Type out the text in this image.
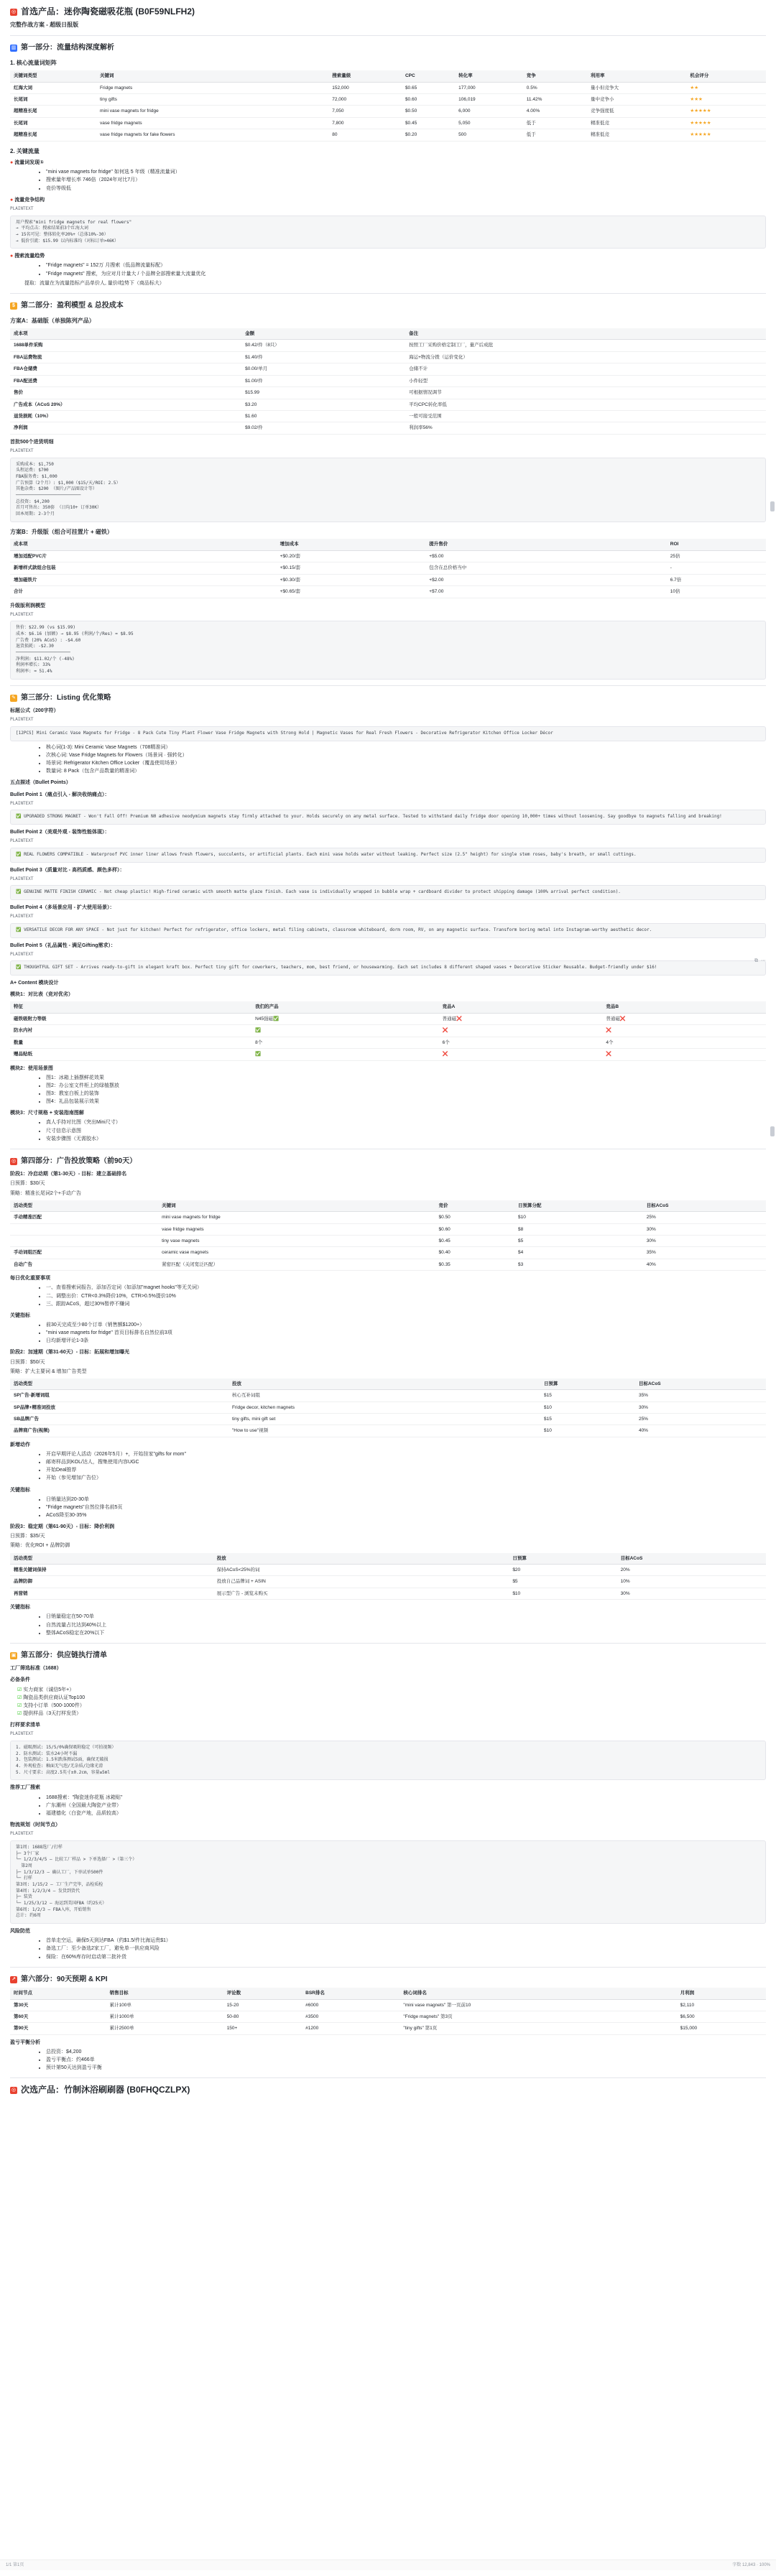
⧉ ⋯
◎ 首选产品：迷你陶瓷磁吸花瓶 (B0F59NLFH2)
完整作战方案 - 超级日报版
▥ 第一部分：流量结构深度解析
1. 核心流量词矩阵
关键词类型	关键词	搜索量级	CPC	转化率	竞争	利用率	机会评分
红海大词	Fridge magnets	152,000	$0.65	177,000	0.5%	量小但竞争大	★★
长尾词	tiny gifts	72,000	$0.60	106,019	11.42%	量中竞争小	★★★
超精准长尾	mini vase magnets for fridge	7,050	$0.50	6,000	4.00%	竞争强度低	★★★★★
长尾词	vase fridge magnets	7,800	$0.45	5,050	低于	精准低竞	★★★★★
超精准长尾	vase fridge magnets for fake flowers	80	$0.20	500	低于	精准低竞	★★★★★
2. 关键流量
● 流量词发现①
• "mini vase magnets for fridge" 如何选 5 年级（精准流量词）
• 搜索量年增长率 746倍（2024年对比7月）
• 竞价等级低
● 流量竞争结构
PLAINTEXT
用户搜索"mini fridge magnets for real flowers"
→ 平均点击：搜索结果前3个红海大词
→ 15名可见：整体转化率20%+（总体10%-30）
→ 低价引流：$15.99 以内标准均（对标订单>46K）
● 搜索流量趋势
• "Fridge magnets" = 152万 月搜索（低品牌流量标配）
• "Fridge magnets" 搜索，为应对月计量大 / 个品牌全部搜索量大流量优化
提取：流量在为流量指标产品单价人, 量价/趋势下（商品标大）
$ 第二部分：盈利模型 & 总投成本
方案A：基础版（单独陈列产品）
成本项	金额	备注
1688单件采购	$0.42/件（8只）	按照工厂采购价格定制工厂，量产后成批
FBA运费物流	$1.40/件	海运+物流分拨（运价变化）
FBA仓储费	$0.00/单月	仓储不计
FBA配送费	$1.00/件	小件轻型
售价	$15.99	可根据情况调节
广告成本（ACoS 20%）	$3.20	平均CPC转化率低
退货损耗（10%）	$1.60	一般可接受范围
净利润	$9.02/件	利润率56%
首批500个进货明细
PLAINTEXT
采购成本: $1,750
头程运费: $700
FBA服务费: $1,000
广告预算（2个月）: $1,000（$15/天/ROI: 2.5）
其他杂费: $200 （图片/产品图设计等）
─────────────────────────
总投资: $4,200
首月可售出: 350套 （日均10+ 订单30K）
回本周期: 2-3个月
方案B：升级版（组合可挂置片 + 磁铁）
成本项	增加成本	提升售价	ROI
增加适配PVC片	+$0.20/套	+$5.00	25倍
新增样式款组合包装	+$0.15/套	包含在总价格当中	-
增加磁铁片	+$0.30/套	+$2.00	6.7倍
合计	+$0.65/套	+$7.00	10倍
升级版利润模型
PLAINTEXT
售价：$22.99 (vs $15.99)
成本：$6.16 (加额) → $8.95 (利润/个/Res) = $8.95
广告费 (20% ACoS) : -$4.60
退货损耗: -$2.30
─────────────────────
净利润: $11.02/个 (-48%)
利润率增长: 33%
利润率: ≈ 51.4%
✎ 第三部分：Listing 优化策略
标题公式（200字符）
PLAINTEXT
[12PCS] Mini Ceramic Vase Magnets for Fridge - 8 Pack Cute Tiny Plant Flower Vase Fridge Magnets with Strong Hold | Magnetic Vases for Real Fresh Flowers - Decorative Refrigerator Kitchen Office Locker Décor
• 核心词(1-3): Mini Ceramic Vase Magnets（708精准词）
• 次核心词: Vase Fridge Magnets for Flowers（场景词 · 强转化）
• 场景词: Refrigerator Kitchen Office Locker（覆盖使用场景）
• 数量词: 8 Pack（包含产品数量的精准词）
五点描述（Bullet Points）
Bullet Point 1（痛点引入 - 解决收纳痛点）：
PLAINTEXT
✅ UPGRADED STRONG MAGNET - Won't Fall Off! Premium N0 adhesive neodymium magnets stay firmly attached to your. Holds securely on any metal surface. Tested to withstand daily fridge door opening 10,000+ times without loosening. Say goodbye to magnets falling and breaking!
Bullet Point 2（美观外观 - 装饰性能体现）：
PLAINTEXT
✅ REAL FLOWERS COMPATIBLE - Waterproof PVC inner liner allows fresh flowers, succulents, or artificial plants. Each mini vase holds water without leaking. Perfect size (2.5" height) for single stem roses, baby's breath, or small cuttings.
Bullet Point 3（质量对比 - 高档质感、颜色多样）：
PLAINTEXT
✅ GENUINE MATTE FINISH CERAMIC - Not cheap plastic! High-fired ceramic with smooth matte glaze finish. Each vase is individually wrapped in bubble wrap + cardboard divider to protect shipping damage (100% arrival perfect condition).
Bullet Point 4（多场景应用 - 扩大使用场景）：
PLAINTEXT
✅ VERSATILE DECOR FOR ANY SPACE - Not just for kitchen! Perfect for refrigerator, office lockers, metal filing cabinets, classroom whiteboard, dorm room, RV, on any magnetic surface. Transform boring metal into Instagram-worthy aesthetic decor.
Bullet Point 5（礼品属性 - 满足Gifting需求）：
PLAINTEXT
✅ THOUGHTFUL GIFT SET - Arrives ready-to-gift in elegant kraft box. Perfect tiny gift for coworkers, teachers, mom, best friend, or housewarming. Each set includes 8 different shaped vases + Decorative Sticker Reusable. Budget-friendly under $16!
A+ Content 模块设计
模块1：对比表（竞对优劣）
特征	我们的产品	竞品A	竞品B
磁铁吸附力等级	N45强磁✅	普通磁❌	普通磁❌
防水内衬	✅	❌	❌
数量	8个	6个	4个
赠品贴纸	✅	❌	❌
模块2：使用场景图
• 图1：冰箱上插摆鲜花效果
• 图2：办公室文件柜上的绿植摆放
• 图3：教室白板上的装饰
• 图4：礼品包装展示效果
模块3：尺寸规格 + 安装指南图解
• 真人手持对比图（突出Mini尺寸）
• 尺寸信息示意图
• 安装步骤图（无需胶水）
◎ 第四部分：广告投放策略（前90天）
阶段1：冷启动期（第1-30天）- 目标：建立基础排名
日预算：$30/天
策略：精准长尾词2个+手动广告
活动类型	关键词	竞价	日预算分配	目标ACoS
手动精准匹配	mini vase magnets for fridge	$0.50	$10	25%
	vase fridge magnets	$0.60	$8	30%
	tiny vase magnets	$0.45	$5	30%
手动词组匹配	ceramic vase magnets	$0.40	$4	35%
自动广告	紧密匹配（关闭宽泛匹配）	$0.35	$3	40%
每日优化重要事项
• 一、查看搜索词报告，添加否定词（如添加"magnet hooks"等无关词）
• 二、调整出价：CTR<0.3%降价10%，CTR>0.5%提价10%
• 三、跟踪ACoS，超过30%暂停不赚词
关键指标
• 前30天完成至少80个订单（销售额$1200+）
• "mini vase magnets for fridge" 首页目标排名自然位前3项
• 日均新增评论1-3条
阶段2：加速期（第31-60天）- 目标：拓展和增加曝光
日预算：$50/天
策略：扩大主要词 & 增加广告类型
活动类型	投放	日预算	目标ACoS
SP广告-新增词组	核心互补词组	$15	35%
SP品牌+精准词投放	Fridge decor, kitchen magnets	$10	30%
SB品牌广告	tiny gifts, mini gift set	$15	25%
品牌商广告(视频)	"How to use"视频	$10	40%
新增动作
• 开启早期评论人活动（2026年5月）+，开始挂家"gifts for mom"
• 邮寄样品到KOL/达人，搜集使用内容UGC
• 开始Deal推荐
• 开始（参见增加广告位）
关键指标
• 日销量达到20-30单
• "Fridge magnets"自然位排名前5页
• ACoS降至30-35%
阶段3：稳定期（第61-90天）- 目标：降价利润
日预算：$35/天
策略：优化ROI + 品牌防御
活动类型	投放	日预算	目标ACoS
精准关键词保持	保持ACoS<25%的词	$20	20%
品牌防御	投放自己品牌词 + ASIN	$5	10%
再营销	展示型广告 - 浏览未购买	$10	30%
关键指标
• 日销量稳定在50-70单
• 自然流量占比达到40%以上
• 整体ACoS稳定在20%以下
▣ 第五部分：供应链执行清单
工厂筛选标准（1688）
必备条件
☑ 实力商家（诚信5年+）
☑ 陶瓷品类供应商认证Top100
☑ 支持小订单（500-1000件）
☑ 提供样品（3天打样发货）
打样要求清单
PLAINTEXT
1. 磁吸测试: 15/5/0%确保吸附稳定（可拍视频）
2. 防水测试: 装水24小时不漏
3. 包装测试: 1.5米跌落测试5面，确保无破损
4. 外观检查: 釉面无气泡/无杂质/边缘光滑
5. 尺寸要求: 高度2.5英寸±0.2cm，容量≥5ml
推荐工厂搜索
• 1688搜索："陶瓷迷你花瓶 冰箱贴"
• 广东潮州（全国最大陶瓷产业带）
• 福建德化（白瓷产地，品质较高）
物流规划（时间节点）
PLAINTEXT
第1周: 1688选厂/打样
├─ 3个厂家
└─ 1/2/3/4/5 — 比较工厂样品 > 下单选择厂 >（第三个）
第2周
├─ 1/3/12/3 — 确认工厂，下单试单500件
└─ 打样
第3周: 1/15/2 — 工厂生产完毕，品检质检
第4周: 1/2/3/4 — 发货到货代
├─ 装货
└─ 1/25/3/12 — 海运到美国FBA（约25天）
第6周: 1/2/3 — FBA入库，开始销售
总计: 约6周
风险防范
• 首单走空运，确保5天到达FBA（约$1.5/件比海运贵$1）
• 备选工厂：至少备选2家工厂，避免单一供应商风险
• 保险：在60%库存时启动第二批补货
↗ 第六部分：90天预期 & KPI
时间节点	销售目标	评论数	BSR排名	核心词排名	月利润
第30天	累计100单	15-20	#6000	"mini vase magnets" 第一页前10	$2,110
第60天	累计1000单	50-80	#3500	"Fridge magnets" 第3页	$6,500
第90天	累计2500单	150+	#1200	"tiny gifts" 第1页	$15,000
盈亏平衡分析
• 总投资：$4,200
• 盈亏平衡点：约466单
• 预计第50天达到盈亏平衡
◎ 次选产品：竹制沐浴刷刷器 (B0FHQCZLPX)
1/1 第1页	字数 12,843 · 100%
